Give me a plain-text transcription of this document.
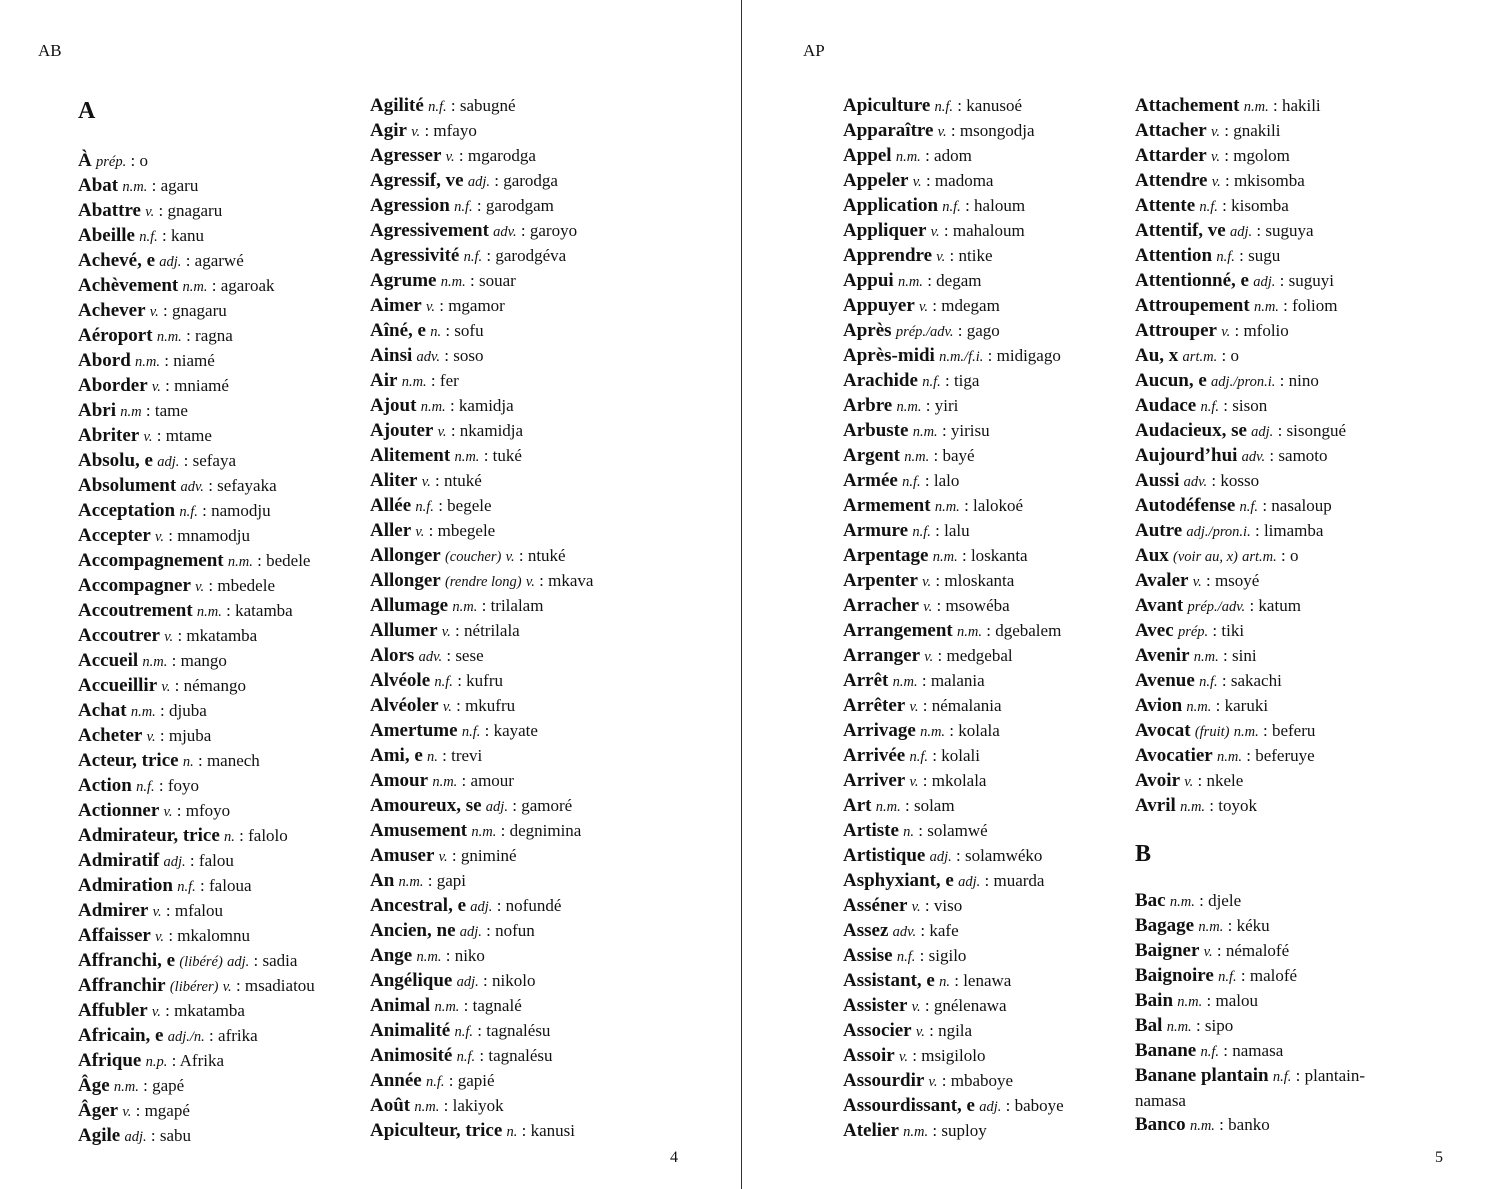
AB
A
À prép. : o
Abat n.m. : agaru
Abattre v. : gnagaru
Abeille n.f. : kanu
Achevé, e adj. : agarwé
Achèvement n.m. : agaroak
Achever v. : gnagaru
Aéroport n.m. : ragna
Abord n.m. : niamé
Aborder v. : mniamé
Abri n.m : tame
Abriter v. : mtame
Absolu, e adj. : sefaya
Absolument adv. : sefayaka
Acceptation n.f. : namodju
Accepter v. : mnamodju
Accompagnement n.m. : bedele
Accompagner v. : mbedele
Accoutrement n.m. : katamba
Accoutrer v. : mkatamba
Accueil n.m. : mango
Accueillir v. : némango
Achat n.m. : djuba
Acheter v. : mjuba
Acteur, trice n. : manech
Action n.f. : foyo
Actionner v. : mfoyo
Admirateur, trice n. : falolo
Admiratif adj. : falou
Admiration n.f. : faloua
Admirer v. : mfalou
Affaisser v. : mkalomnu
Affranchi, e (libéré) adj. : sadia
Affranchir (libérer) v. : msadiatou
Affubler v. : mkatamba
Africain, e adj./n. : afrika
Afrique n.p. : Afrika
Âge n.m. : gapé
Âger v. : mgapé
Agile adj. : sabu
Agilité n.f. : sabugné
Agir v. : mfayo
Agresser v. : mgarodga
Agressif, ve adj. : garodga
Agression n.f. : garodgam
Agressivement adv. : garoyo
Agressivité n.f. : garodgéva
Agrume n.m. : souar
Aimer v. : mgamor
Aîné, e n. : sofu
Ainsi adv. : soso
Air n.m. : fer
Ajout n.m. : kamidja
Ajouter v. : nkamidja
Alitement n.m. : tuké
Aliter v. : ntuké
Allée n.f. : begele
Aller v. : mbegele
Allonger (coucher) v. : ntuké
Allonger (rendre long) v. : mkava
Allumage n.m. : trilalam
Allumer v. : nétrilala
Alors adv. : sese
Alvéole n.f. : kufru
Alvéoler v. : mkufru
Amertume n.f. : kayate
Ami, e n. : trevi
Amour n.m. : amour
Amoureux, se adj. : gamoré
Amusement n.m. : degnimina
Amuser v. : gniminé
An n.m. : gapi
Ancestral, e adj. : nofundé
Ancien, ne adj. : nofun
Ange n.m. : niko
Angélique adj. : nikolo
Animal n.m. : tagnalé
Animalité n.f. : tagnalésu
Animosité n.f. : tagnalésu
Année n.f. : gapié
Août n.m. : lakiyok
Apiculteur, trice n. : kanusi
4
AP
Apiculture n.f. : kanusoé
Apparaître v. : msongodja
Appel n.m. : adom
Appeler v. : madoma
Application n.f. : haloum
Appliquer v. : mahaloum
Apprendre v. : ntike
Appui n.m. : degam
Appuyer v. : mdegam
Après prép./adv. : gago
Après-midi n.m./f.i. : midigago
Arachide n.f. : tiga
Arbre n.m. : yiri
Arbuste n.m. : yirisu
Argent n.m. : bayé
Armée n.f. : lalo
Armement n.m. : lalokoé
Armure n.f. : lalu
Arpentage n.m. : loskanta
Arpenter v. : mloskanta
Arracher v. : msowéba
Arrangement n.m. : dgebalem
Arranger v. : medgebal
Arrêt n.m. : malania
Arrêter v. : némalania
Arrivage n.m. : kolala
Arrivée n.f. : kolali
Arriver v. : mkolala
Art n.m. : solam
Artiste n. : solamwé
Artistique adj. : solamwéko
Asphyxiant, e adj. : muarda
Asséner v. : viso
Assez adv. : kafe
Assise n.f. : sigilo
Assistant, e n. : lenawa
Assister v. : gnélenawa
Associer v. : ngila
Assoir v. : msigilolo
Assourdir v. : mbaboye
Assourdissant, e adj. : baboye
Atelier n.m. : suploy
Attachement n.m. : hakili
Attacher v. : gnakili
Attarder v. : mgolom
Attendre v. : mkisomba
Attente n.f. : kisomba
Attentif, ve adj. : suguya
Attention n.f. : sugu
Attentionné, e adj. : suguyi
Attroupement n.m. : foliom
Attrouper v. : mfolio
Au, x art.m. : o
Aucun, e adj./pron.i. : nino
Audace n.f. : sison
Audacieux, se adj. : sisongué
Aujourd’hui adv. : samoto
Aussi adv. : kosso
Autodéfense n.f. : nasaloup
Autre adj./pron.i. : limamba
Aux (voir au, x) art.m. : o
Avaler v. : msoyé
Avant prép./adv. : katum
Avec prép. : tiki
Avenir n.m. : sini
Avenue n.f. : sakachi
Avion n.m. : karuki
Avocat (fruit) n.m. : beferu
Avocatier n.m. : beferuye
Avoir v. : nkele
Avril n.m. : toyok
B
Bac n.m. : djele
Bagage n.m. : kéku
Baigner v. : némalofé
Baignoire n.f. : malofé
Bain n.m. : malou
Bal n.m. : sipo
Banane n.f. : namasa
Banane plantain n.f. : plantain-namasa
Banco n.m. : banko
5
